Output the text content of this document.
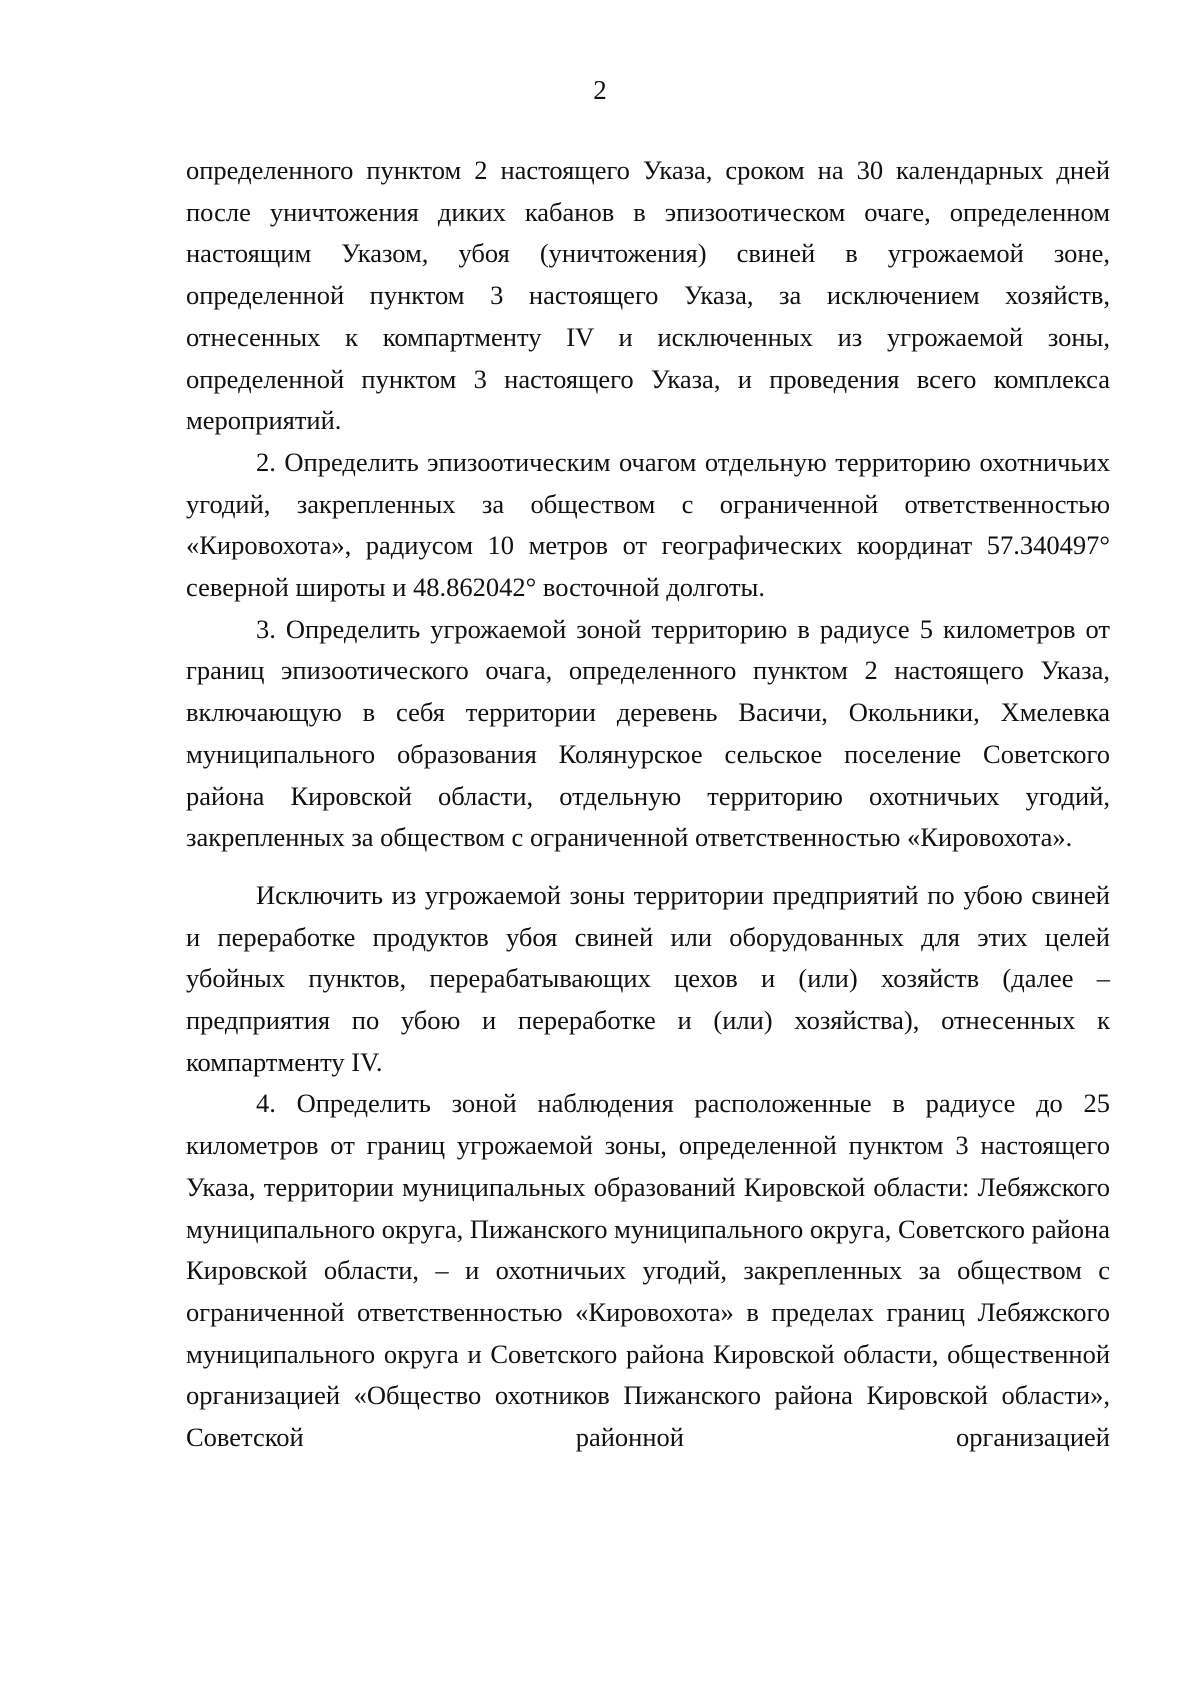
2

определенного пунктом 2 настоящего Указа, сроком на 30 календарных дней после уничтожения диких кабанов в эпизоотическом очаге, определенном настоящим Указом, убоя (уничтожения) свиней в угрожаемой зоне, определенной пунктом 3 настоящего Указа, за исключением хозяйств, отнесенных к компартменту IV и исключенных из угрожаемой зоны, определенной пунктом 3 настоящего Указа, и проведения всего комплекса мероприятий.

2. Определить эпизоотическим очагом отдельную территорию охотничьих угодий, закрепленных за обществом с ограниченной ответственностью «Кировохота», радиусом 10 метров от географических координат 57.340497° северной широты и 48.862042° восточной долготы.

3. Определить угрожаемой зоной территорию в радиусе 5 километров от границ эпизоотического очага, определенного пунктом 2 настоящего Указа, включающую в себя территории деревень Васичи, Окольники, Хмелевка муниципального образования Колянурское сельское поселение Советского района Кировской области, отдельную территорию охотничьих угодий, закрепленных за обществом с ограниченной ответственностью «Кировохота».

Исключить из угрожаемой зоны территории предприятий по убою свиней и переработке продуктов убоя свиней или оборудованных для этих целей убойных пунктов, перерабатывающих цехов и (или) хозяйств (далее – предприятия по убою и переработке и (или) хозяйства), отнесенных к компартменту IV.

4. Определить зоной наблюдения расположенные в радиусе до 25 километров от границ угрожаемой зоны, определенной пунктом 3 настоящего Указа, территории муниципальных образований Кировской области: Лебяжского муниципального округа, Пижанского муниципального округа, Советского района Кировской области, – и охотничьих угодий, закрепленных за обществом с ограниченной ответственностью «Кировохота» в пределах границ Лебяжского муниципального округа и Советского района Кировской области, общественной организацией «Общество охотников Пижанского района Кировской области», Советской районной организацией
